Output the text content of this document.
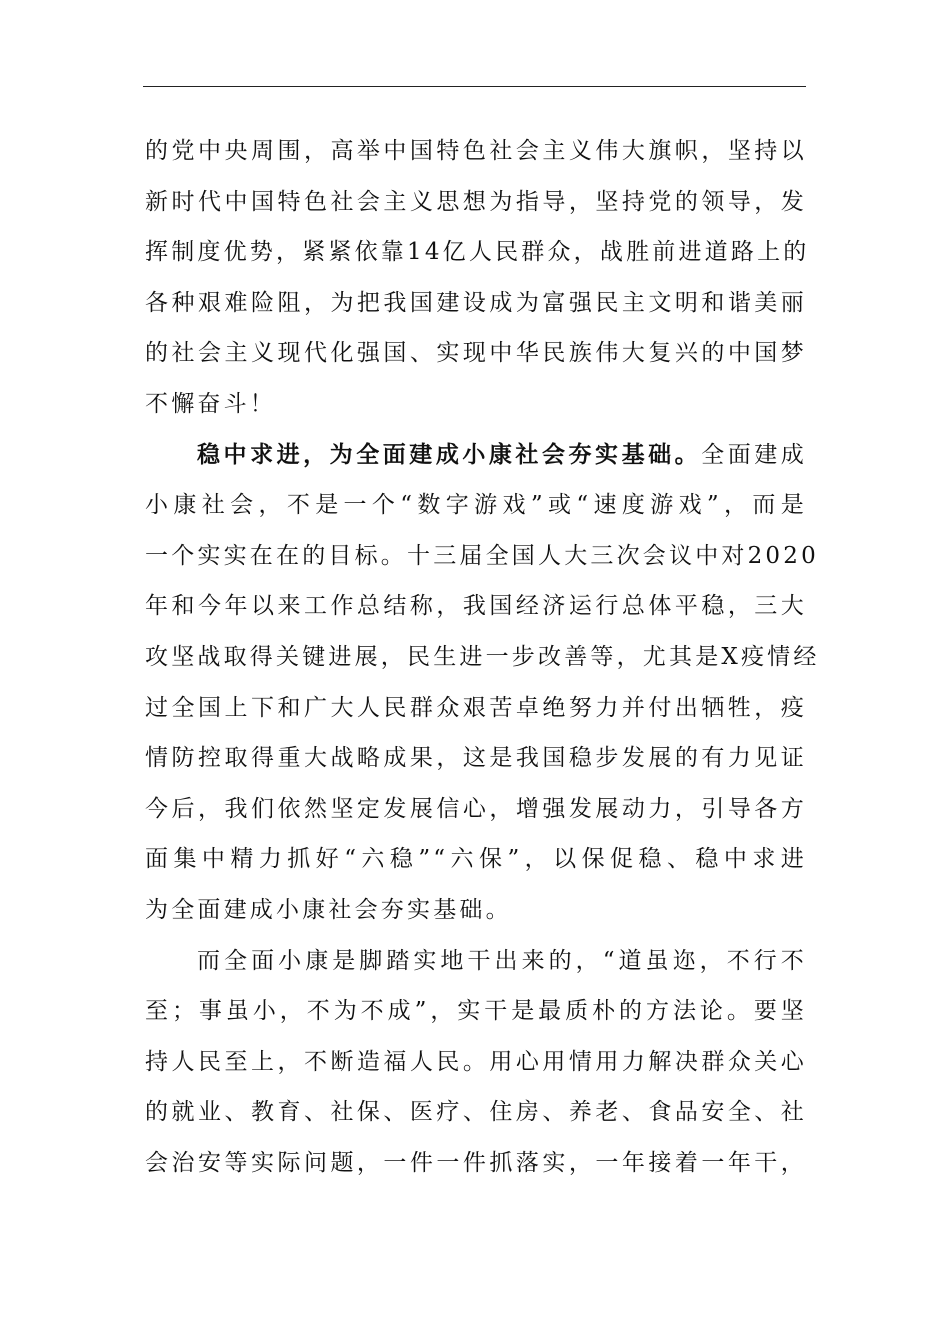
的党中央周围，高举中国特色社会主义伟大旗帜，坚持以
新时代中国特色社会主义思想为指导，坚持党的领导，发
挥制度优势，紧紧依靠14亿人民群众，战胜前进道路上的
各种艰难险阻，为把我国建设成为富强民主文明和谐美丽
的社会主义现代化强国、实现中华民族伟大复兴的中国梦
不懈奋斗！
稳中求进，为全面建成小康社会夯实基础。全面建成
小康社会，不是一个“数字游戏”或“速度游戏”，而是
一个实实在在的目标。十三届全国人大三次会议中对2020
年和今年以来工作总结称，我国经济运行总体平稳，三大
攻坚战取得关键进展，民生进一步改善等，尤其是X疫情经
过全国上下和广大人民群众艰苦卓绝努力并付出牺牲，疫
情防控取得重大战略成果，这是我国稳步发展的有力见证
今后，我们依然坚定发展信心，增强发展动力，引导各方
面集中精力抓好“六稳”“六保”，以保促稳、稳中求进
为全面建成小康社会夯实基础。
而全面小康是脚踏实地干出来的，“道虽迩，不行不
至；事虽小，不为不成”，实干是最质朴的方法论。要坚
持人民至上，不断造福人民。用心用情用力解决群众关心
的就业、教育、社保、医疗、住房、养老、食品安全、社
会治安等实际问题，一件一件抓落实，一年接着一年干，
